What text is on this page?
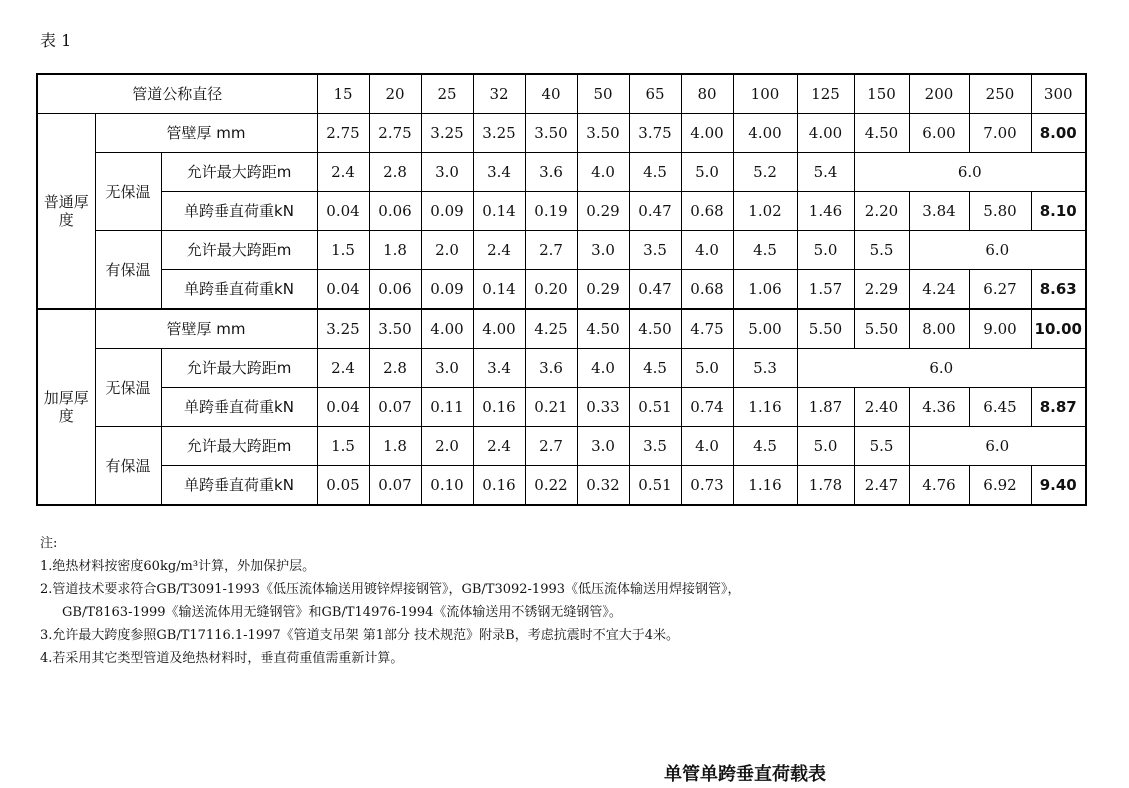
表 1
管道公称直径			15	20	25	32	40	50	65	80	100	125	150	200	250	300
普通厚度	管壁厚 mm		2.75	2.75	3.25	3.25	3.50	3.50	3.75	4.00	4.00	4.00	4.50	6.00	7.00	8.00
	无保温	允许最大跨距m	2.4	2.8	3.0	3.4	3.6	4.0	4.5	5.0	5.2	5.4	6.0			
		单跨垂直荷重kN	0.04	0.06	0.09	0.14	0.19	0.29	0.47	0.68	1.02	1.46	2.20	3.84	5.80	8.10
	有保温	允许最大跨距m	1.5	1.8	2.0	2.4	2.7	3.0	3.5	4.0	4.5	5.0	5.5	6.0		
		单跨垂直荷重kN	0.04	0.06	0.09	0.14	0.20	0.29	0.47	0.68	1.06	1.57	2.29	4.24	6.27	8.63
加厚厚度	管壁厚 mm		3.25	3.50	4.00	4.00	4.25	4.50	4.50	4.75	5.00	5.50	5.50	8.00	9.00	10.00
	无保温	允许最大跨距m	2.4	2.8	3.0	3.4	3.6	4.0	4.5	5.0	5.3	6.0				
		单跨垂直荷重kN	0.04	0.07	0.11	0.16	0.21	0.33	0.51	0.74	1.16	1.87	2.40	4.36	6.45	8.87
	有保温	允许最大跨距m	1.5	1.8	2.0	2.4	2.7	3.0	3.5	4.0	4.5	5.0	5.5	6.0		
		单跨垂直荷重kN	0.05	0.07	0.10	0.16	0.22	0.32	0.51	0.73	1.16	1.78	2.47	4.76	6.92	9.40
注:
1.绝热材料按密度60kg/m³计算，外加保护层。
2.管道技术要求符合GB/T3091-1993《低压流体输送用镀锌焊接钢管》，GB/T3092-1993《低压流体输送用焊接钢管》，
GB/T8163-1999《输送流体用无缝钢管》和GB/T14976-1994《流体输送用不锈钢无缝钢管》。
3.允许最大跨度参照GB/T17116.1-1997《管道支吊架 第1部分 技术规范》附录B，考虑抗震时不宜大于4米。
4.若采用其它类型管道及绝热材料时，垂直荷重值需重新计算。
单管单跨垂直荷载表
